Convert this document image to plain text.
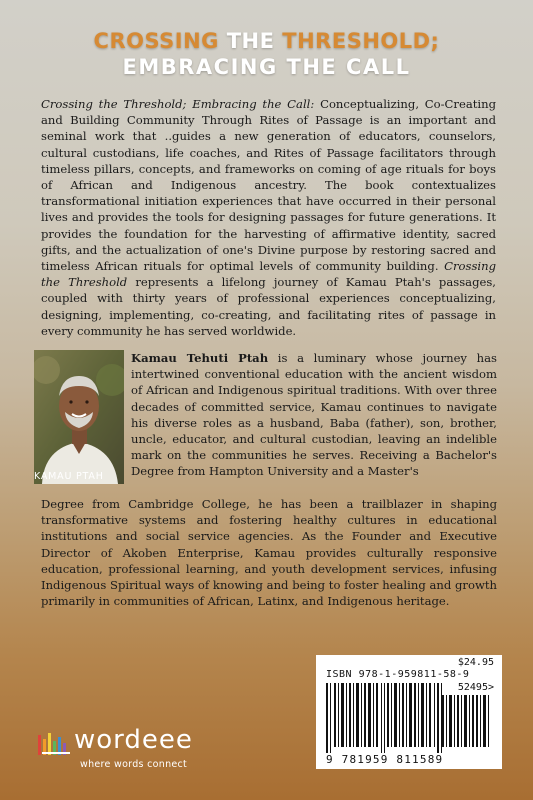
CROSSING THE THRESHOLD;
EMBRACING THE CALL

Crossing the Threshold; Embracing the Call: Conceptualizing, Co-Creating and Building Community Through Rites of Passage is an important and seminal work that ..guides a new generation of educators, counselors, cultural custodians, life coaches, and Rites of Passage facilitators through timeless pillars, concepts, and frameworks on coming of age rituals for boys of African and Indigenous ancestry. The book contextualizes transformational initiation experiences that have occurred in their personal lives and provides the tools for designing passages for future generations. It provides the foundation for the harvesting of affirmative identity, sacred gifts, and the actualization of one's Divine purpose by restoring sacred and timeless African rituals for optimal levels of community building. Crossing the Threshold represents a lifelong journey of Kamau Ptah's passages, coupled with thirty years of professional experiences conceptualizing, designing, implementing, co-creating, and facilitating rites of passage in every community he has served worldwide.

KAMAU PTAH

Kamau Tehuti Ptah is a luminary whose journey has intertwined conventional education with the ancient wisdom of African and Indigenous spiritual traditions. With over three decades of committed service, Kamau continues to navigate his diverse roles as a husband, Baba (father), son, brother, uncle, educator, and cultural custodian, leaving an indelible mark on the communities he serves. Receiving a Bachelor's Degree from Hampton University and a Master's

Degree from Cambridge College, he has been a trailblazer in shaping transformative systems and fostering healthy cultures in educational institutions and social service agencies. As the Founder and Executive Director of Akoben Enterprise, Kamau provides culturally responsive education, professional learning, and youth development services, infusing Indigenous Spiritual ways of knowing and being to foster healing and growth primarily in communities of African, Latinx, and Indigenous heritage.

$24.95
ISBN 978-1-959811-58-9
52495>
9 781959 811589
wordeee
where words connect
